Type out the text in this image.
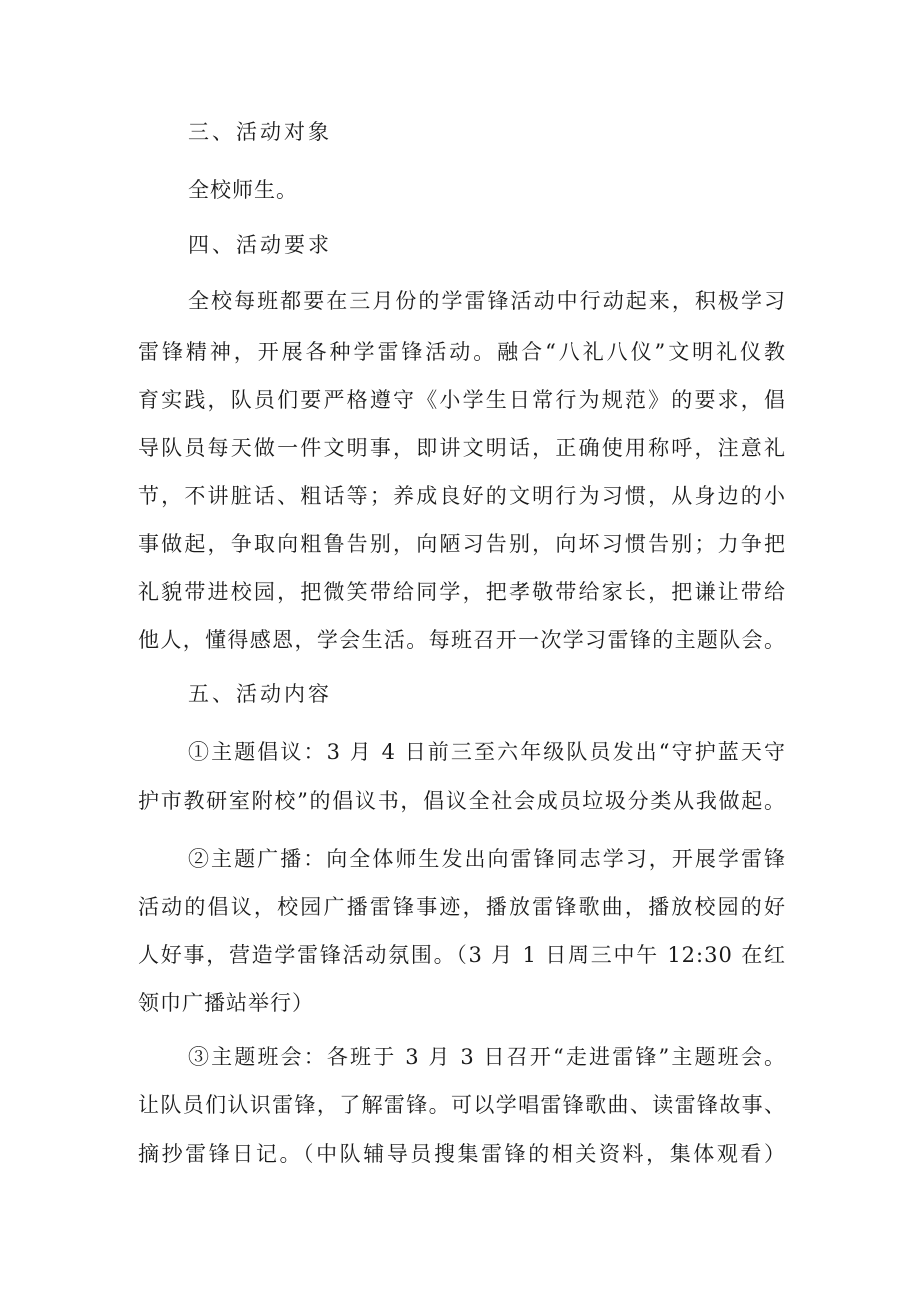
三、活动对象
全校师生。
四、活动要求
全校每班都要在三月份的学雷锋活动中行动起来，积极学习
雷锋精神，开展各种学雷锋活动。融合“八礼八仪”文明礼仪教
育实践，队员们要严格遵守《小学生日常行为规范》的要求，倡
导队员每天做一件文明事，即讲文明话，正确使用称呼，注意礼
节，不讲脏话、粗话等；养成良好的文明行为习惯，从身边的小
事做起，争取向粗鲁告别，向陋习告别，向坏习惯告别；力争把
礼貌带进校园，把微笑带给同学，把孝敬带给家长，把谦让带给
他人，懂得感恩，学会生活。每班召开一次学习雷锋的主题队会。
五、活动内容
①主题倡议：3 月 4 日前三至六年级队员发出“守护蓝天守
护市教研室附校”的倡议书，倡议全社会成员垃圾分类从我做起。
②主题广播：向全体师生发出向雷锋同志学习，开展学雷锋
活动的倡议，校园广播雷锋事迹，播放雷锋歌曲，播放校园的好
人好事，营造学雷锋活动氛围。（3 月 1 日周三中午 12:30 在红
领巾广播站举行）
③主题班会：各班于 3 月 3 日召开“走进雷锋”主题班会。
让队员们认识雷锋，了解雷锋。可以学唱雷锋歌曲、读雷锋故事、
摘抄雷锋日记。（中队辅导员搜集雷锋的相关资料，集体观看）
